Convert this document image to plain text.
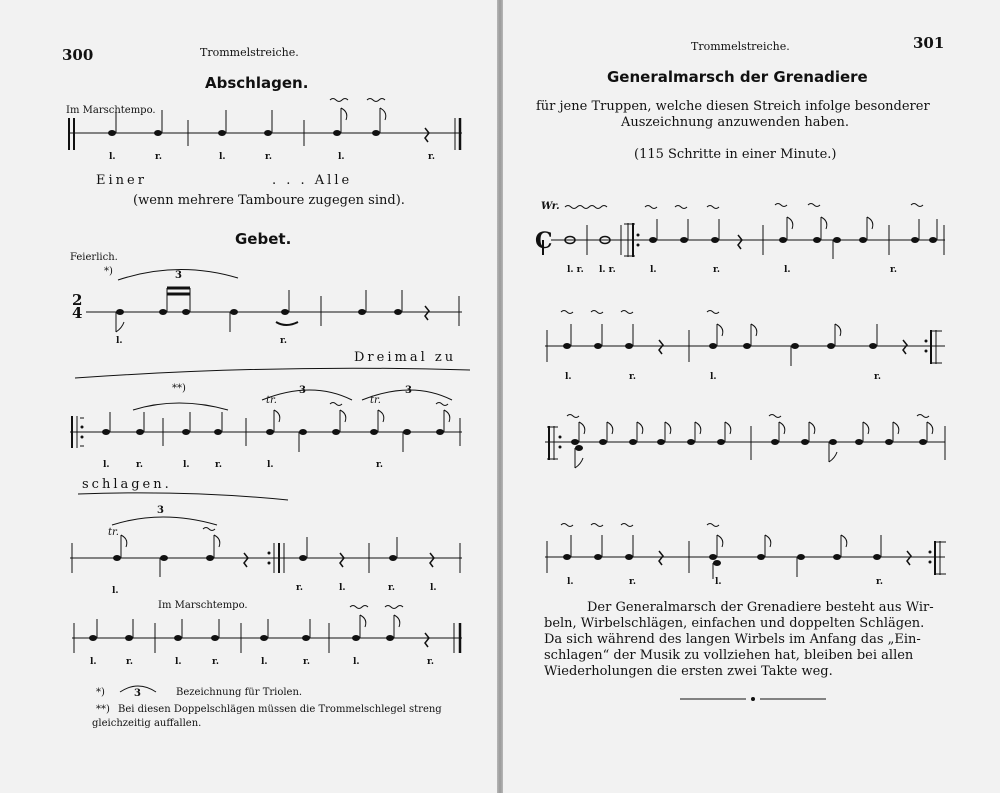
300	Trommelstreiche.
Abschlagen.
Im Marschtempo.
l.	r.	l.	r.	l.	r.
Einer	. . . Alle
(wenn mehrere Tamboure zugegen sind).
Gebet.
Feierlich.
*)	3
2
4
l.	r.
Dreimal zu
**)	3	3
tr.	tr.
l.	r.	l.	r.	l.	r.
schlagen.
3
tr.
l.	r.	l.	r.	l.
Im Marschtempo.
l.	r.	l.	r.	l.	r.	l.	r.
*)	3	Bezeichnung für Triolen.
**) Bei diesen Doppelschlägen müssen die Trommelschlegel streng
gleichzeitig auffallen.
Trommelstreiche.	301
Generalmarsch der Grenadiere
für jene Truppen, welche diesen Streich infolge besonderer
Auszeichnung anzuwenden haben.
(115 Schritte in einer Minute.)
Wr.
C
l. r. l. r.	l.	r.	l.	r.
l.	r.	l.	r.
l.	r.	l.	r.
Der Generalmarsch der Grenadiere besteht aus Wir-
beln, Wirbelschlägen, einfachen und doppelten Schlägen.
Da sich während des langen Wirbels im Anfang das „Ein-
schlagen“ der Musik zu vollziehen hat, bleiben bei allen
Wiederholungen die ersten zwei Takte weg.
